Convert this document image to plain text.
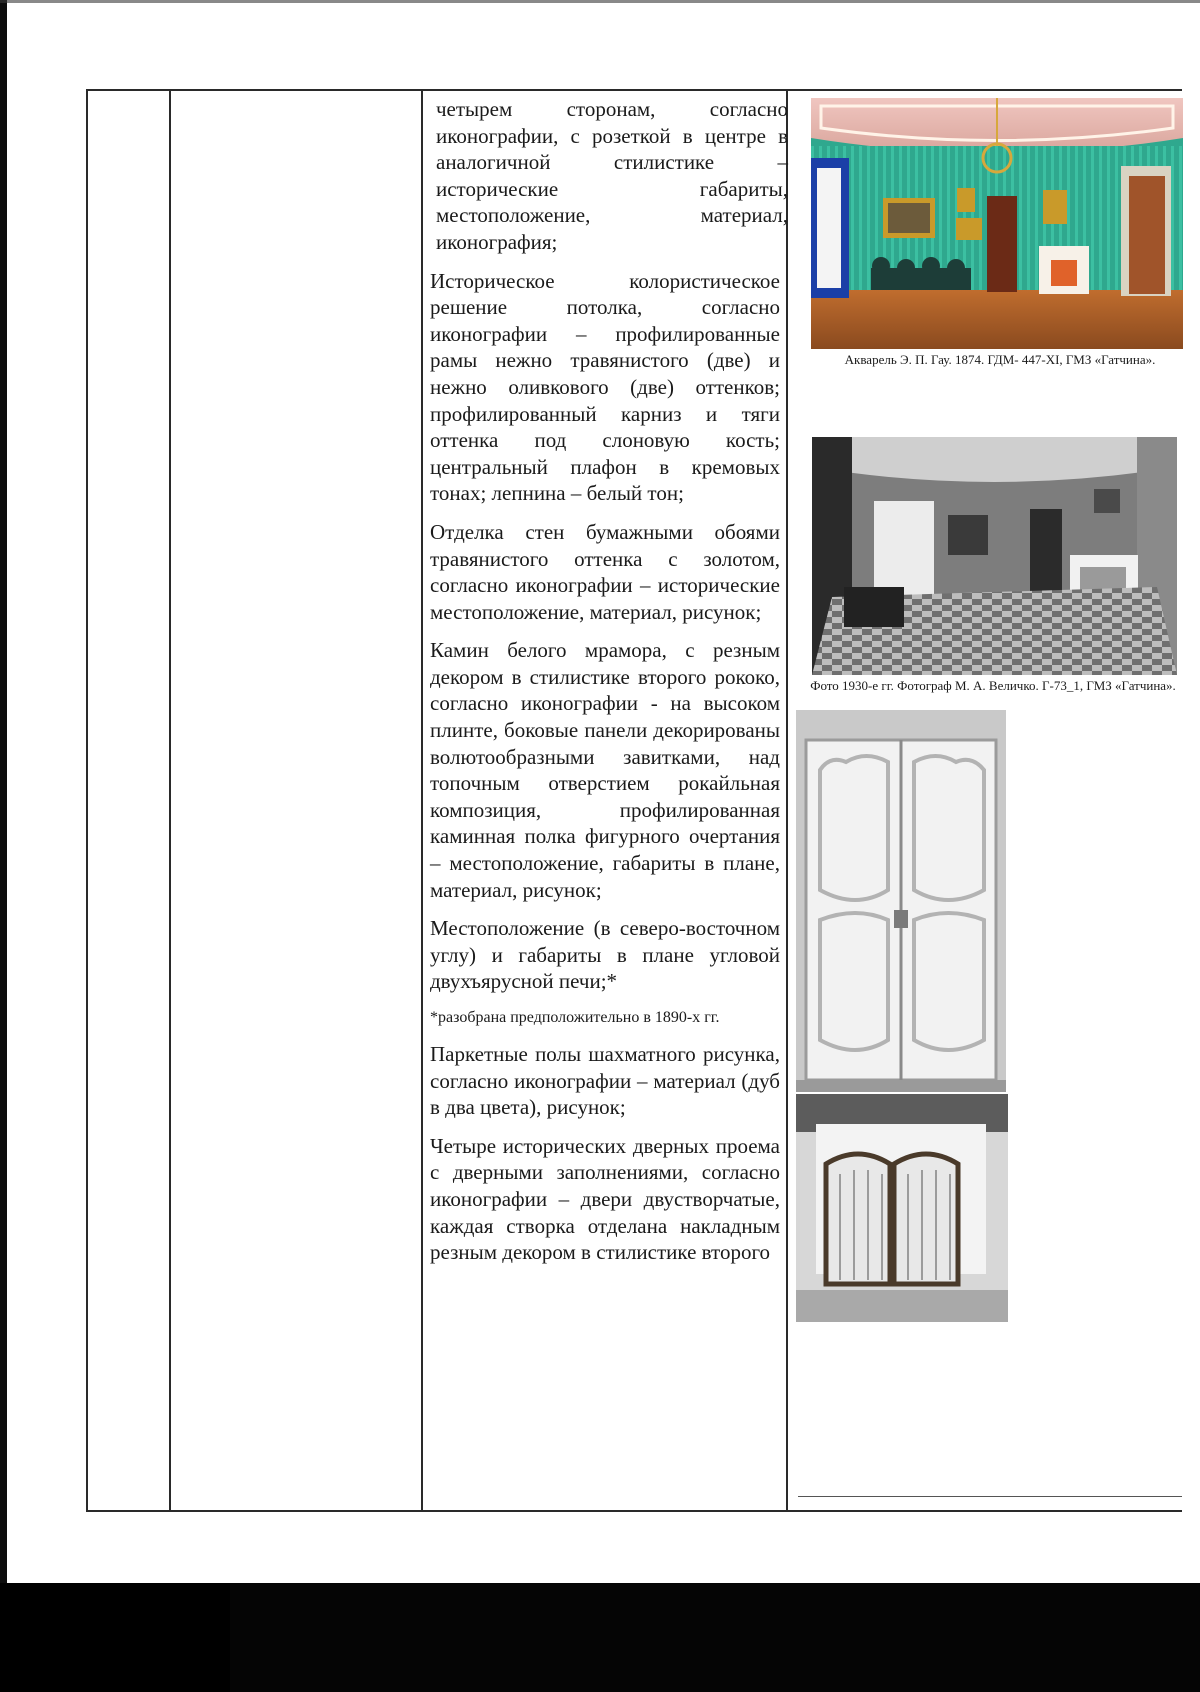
четырем сторонам, согласно иконографии, с розеткой в центре в аналогичной стилистике – исторические габариты, местоположение, материал, иконография;

Историческое колористическое решение потолка, согласно иконографии – профилированные рамы нежно травянистого (две) и нежно оливкового (две) оттенков; профилированный карниз и тяги оттенка под слоновую кость; центральный плафон в кремовых тонах; лепнина – белый тон;

Отделка стен бумажными обоями травянистого оттенка с золотом, согласно иконографии – исторические местоположение, материал, рисунок;

Камин белого мрамора, с резным декором в стилистике второго рококо, согласно иконографии - на высоком плинте, боковые панели декорированы волютообразными завитками, над топочным отверстием рокайльная композиция, профилированная каминная полка фигурного очертания – местоположение, габариты в плане, материал, рисунок;

Местоположение (в северо-восточном углу) и габариты в плане угловой двухъярусной печи;*

*разобрана предположительно в 1890-х гг.

Паркетные полы шахматного рисунка, согласно иконографии – материал (дуб в два цвета), рисунок;

Четыре исторических дверных проема с дверными заполнениями, согласно иконографии – двери двустворчатые, каждая створка отделана накладным резным декором в стилистике второго

Акварель Э. П. Гау. 1874. ГДМ- 447-XI, ГМЗ «Гатчина».
Фото 1930-е гг. Фотограф М. А. Величко. Г-73_1, ГМЗ «Гатчина».
